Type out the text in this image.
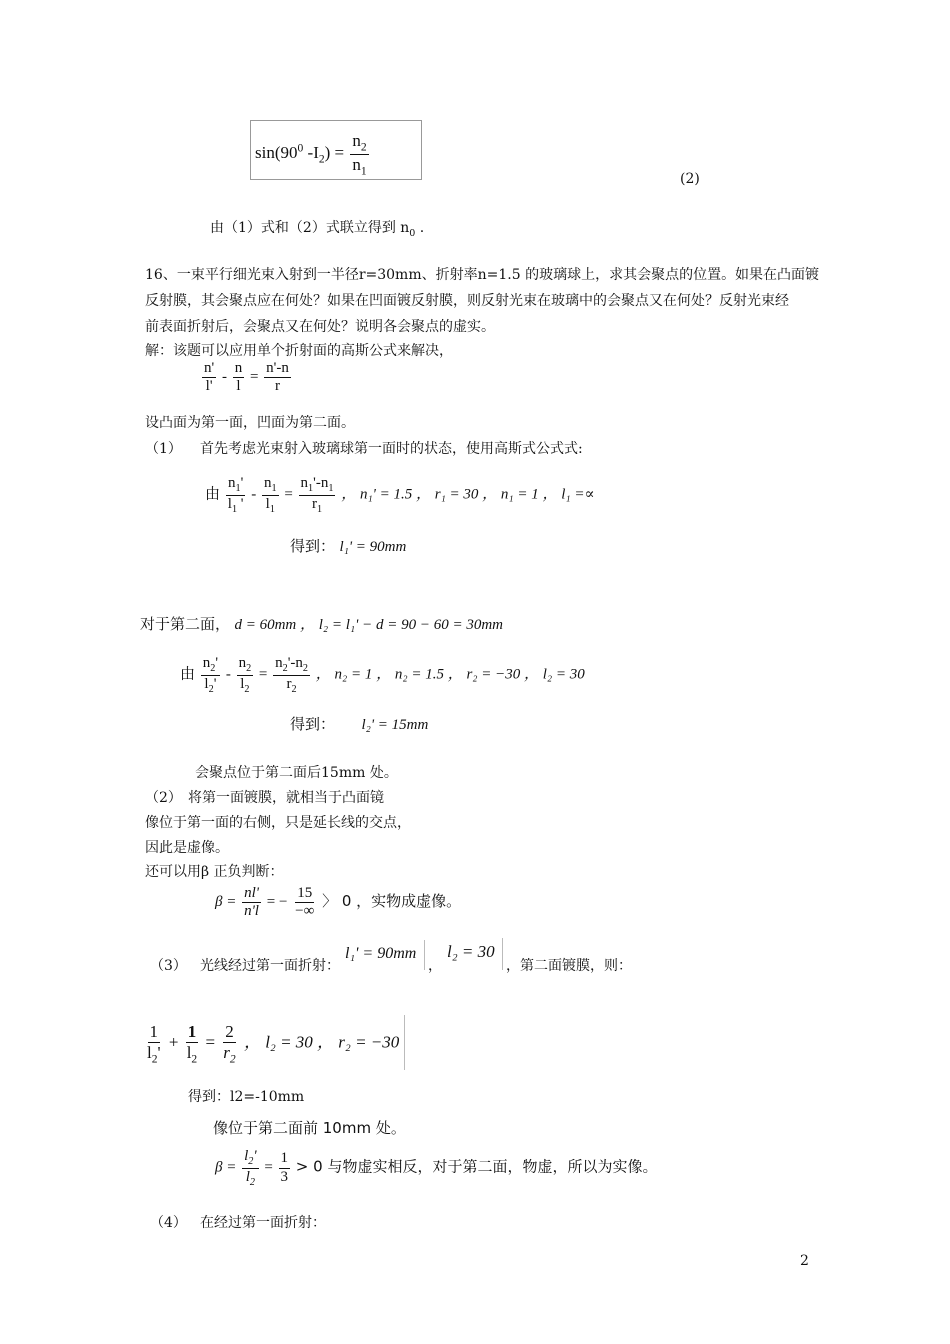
$\sin(90^0$ $-I_2) = \frac{n_2}{n_1}$
(2)
由（1）式和（2）式联立得到 $n_0$ .
16、一束平行细光束入射到一半径r=30mm、折射率n=1.5 的玻璃球上，求其会聚点的位置。如果在凸面镀
反射膜，其会聚点应在何处？如果在凹面镀反射膜，则反射光束在玻璃中的会聚点又在何处？反射光束经
前表面折射后，会聚点又在何处？说明各会聚点的虚实。
解：该题可以应用单个折射面的高斯公式来解决，
$\frac{n'}{l'} - \frac{n}{l} = \frac{n'-n}{r}$
设凸面为第一面，凹面为第二面。
（1） 首先考虑光束射入玻璃球第一面时的状态，使用高斯式公式式:
由 $\frac{n_1'}{l_1 '} - \frac{n_1}{l_1} = \frac{n_1'-n_1}{r_1}$ ， n₁' = 1.5 ， r₁ = 30 ， n₁ = 1 ， l₁ =∝
得到： l₁' = 90mm
对于第二面， d = 60mm ， l₂ = l₁' − d = 90 − 60 = 30mm
由 $\frac{n_2'}{l_2'} - \frac{n_2}{l_2} = \frac{n_2'-n_2}{r_2}$ ， n₂ = 1 ， n₂ = 1.5 ， r₂ = −30 ， l₂ = 30
得到： l₂' = 15mm
会聚点位于第二面后15mm 处。
（2） 将第一面镀膜，就相当于凸面镜
像位于第一面的右侧，只是延长线的交点，
因此是虚像。
还可以用β 正负判断：
$\beta = \frac{nl'}{n'l}$ = − $\frac{15}{-\infty}$ 〉 0 ，实物成虚像。
（3） 光线经过第一面折射：
l₁' = 90mm
，
l₂ = 30
，第二面镀膜，则：
$\frac{1}{l_2'} + \frac{1}{l_2} = \frac{2}{r_2}$ ， l₂ = 30 ， r₂ = −30
得到：l2=-10mm
像位于第二面前 10mm 处。
$\beta = \frac{l_2'}{l_2} = \frac{1}{3} > 0$ 与物虚实相反，对于第二面，物虚，所以为实像。
（4） 在经过第一面折射：
2
